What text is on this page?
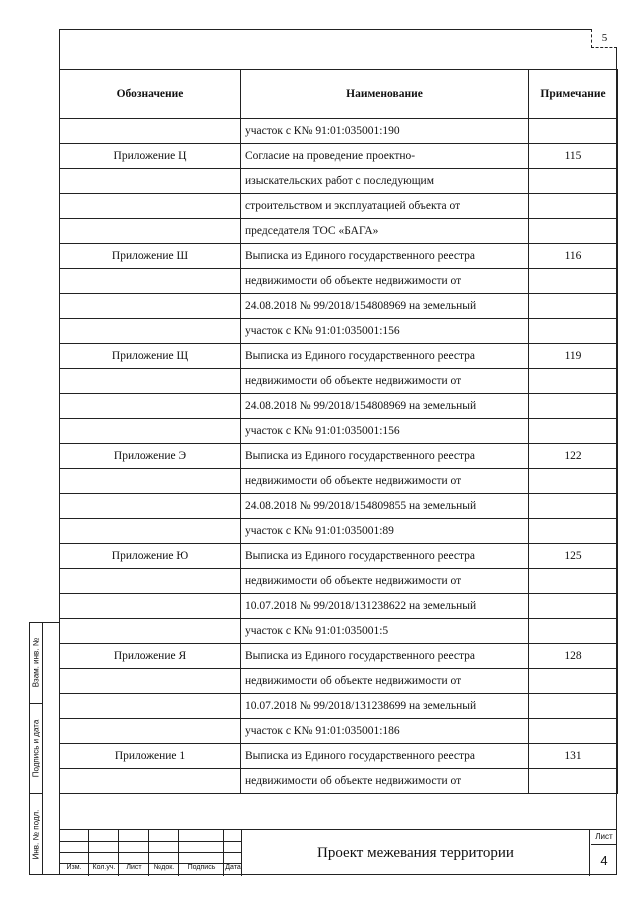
5
Обозначение	Наименование	Примечание
	участок с К№ 91:01:035001:190	
Приложение Ц	Согласие на проведение проектно-	115
	изыскательских работ с последующим	
	строительством и эксплуатацией объекта от	
	председателя ТОС «БАГА»	
Приложение Ш	Выписка из Единого государственного реестра	116
	недвижимости об объекте недвижимости от	
	24.08.2018 № 99/2018/154808969 на земельный	
	участок с К№ 91:01:035001:156	
Приложение Щ	Выписка из Единого государственного реестра	119
	недвижимости об объекте недвижимости от	
	24.08.2018 № 99/2018/154808969 на земельный	
	участок с К№ 91:01:035001:156	
Приложение Э	Выписка из Единого государственного реестра	122
	недвижимости об объекте недвижимости от	
	24.08.2018 № 99/2018/154809855 на земельный	
	участок с К№ 91:01:035001:89	
Приложение Ю	Выписка из Единого государственного реестра	125
	недвижимости об объекте недвижимости от	
	10.07.2018 № 99/2018/131238622 на земельный	
	участок с К№ 91:01:035001:5	
Приложение Я	Выписка из Единого государственного реестра	128
	недвижимости об объекте недвижимости от	
	10.07.2018 № 99/2018/131238699 на земельный	
	участок с К№ 91:01:035001:186	
Приложение 1	Выписка из Единого государственного реестра	131
	недвижимости об объекте недвижимости от	
Взам. инв. №
Подпись и дата
Инв. № подл.
Изм.	Кол.уч.	Лист	№док.	Подпись	Дата
Проект межевания территории
Лист
4
